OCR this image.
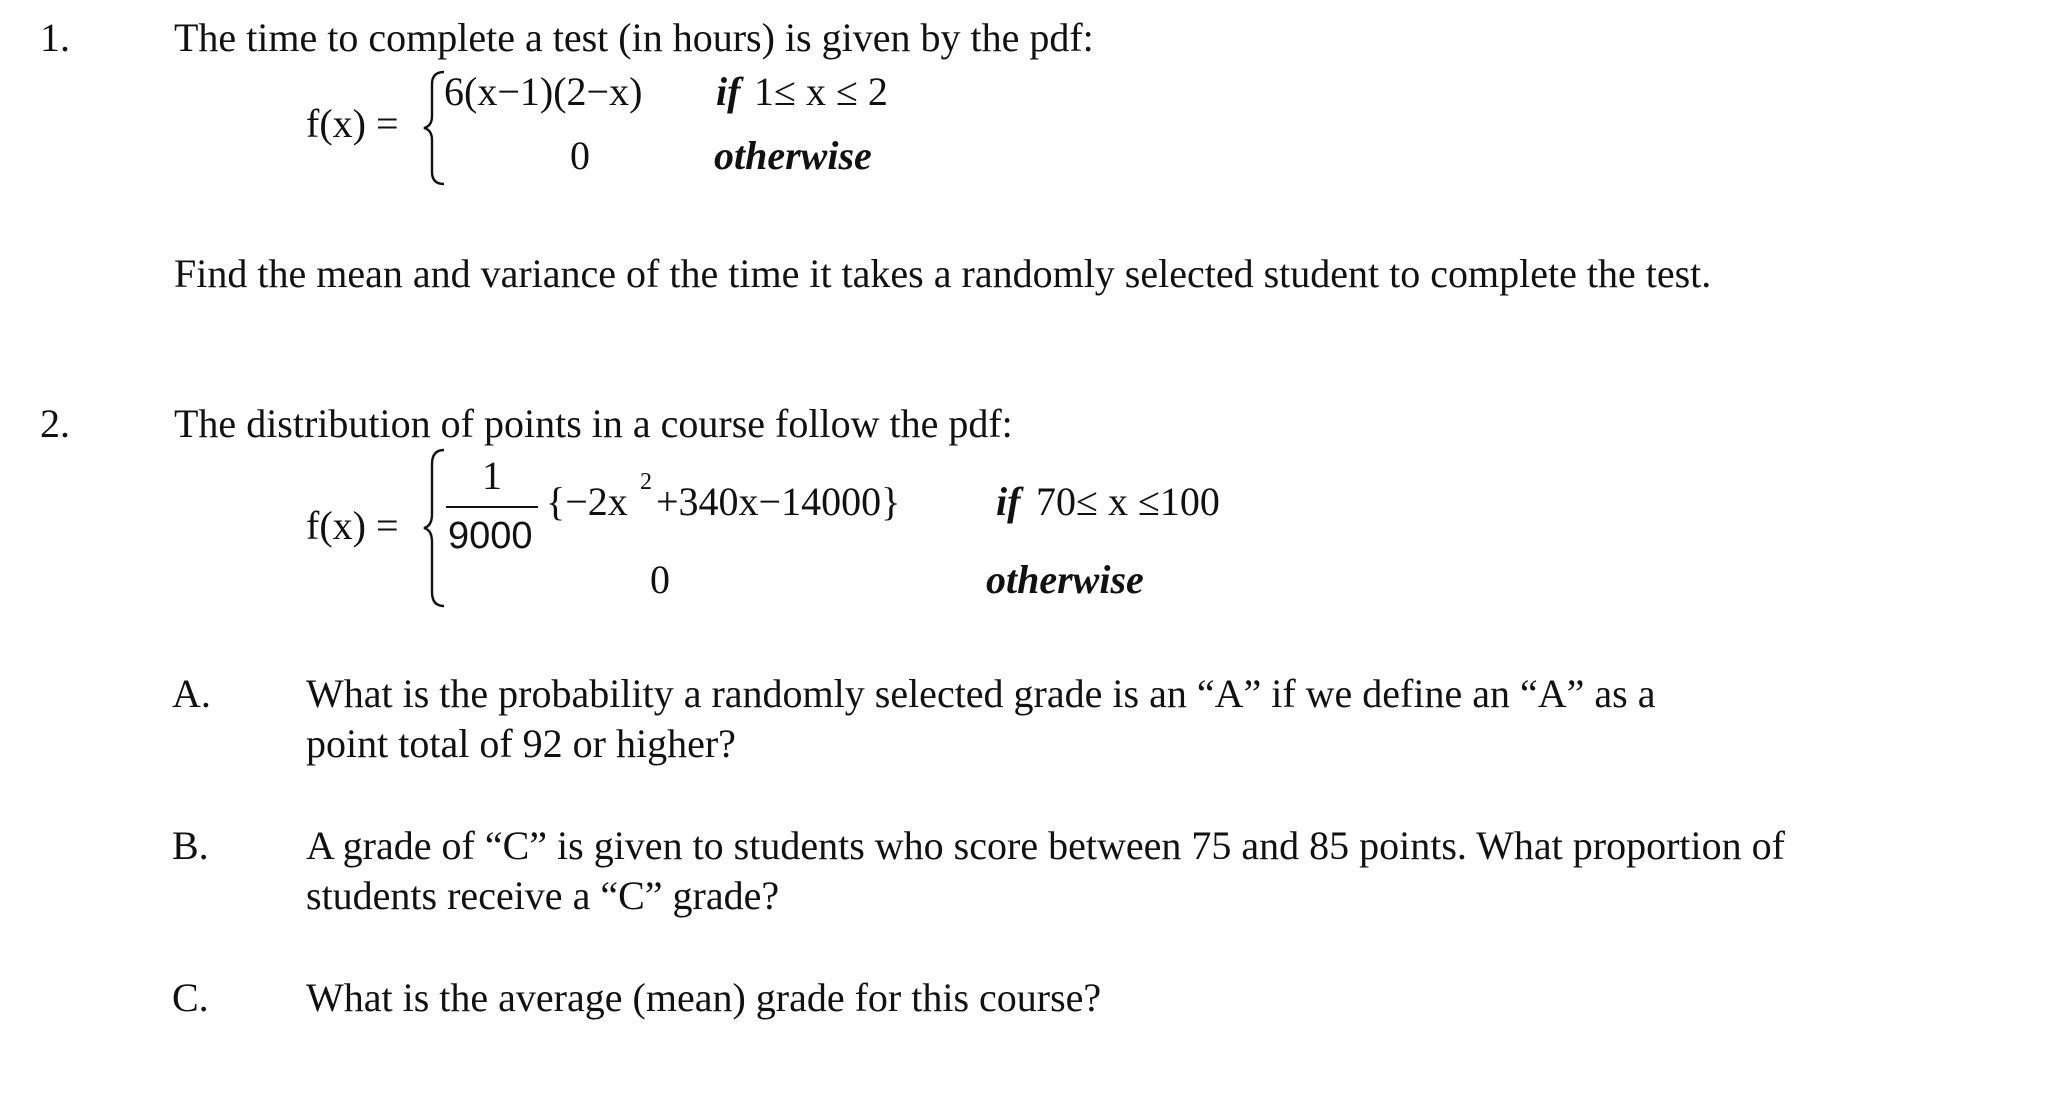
1.	The time to complete a test (in hours) is given by the pdf:
f(x) =
6(x−1)(2−x) if 1≤ x ≤ 2
0	otherwise
Find the mean and variance of the time it takes a randomly selected student to complete the test.
2.	The distribution of points in a course follow the pdf:
f(x) =
1
9000
{−2x 2 +340x−14000} if 70≤ x ≤100
0	otherwise
A. What is the probability a randomly selected grade is an “A” if we define an “A” as a
point total of 92 or higher?
B. A grade of “C” is given to students who score between 75 and 85 points. What proportion of
students receive a “C” grade?
C. What is the average (mean) grade for this course?
